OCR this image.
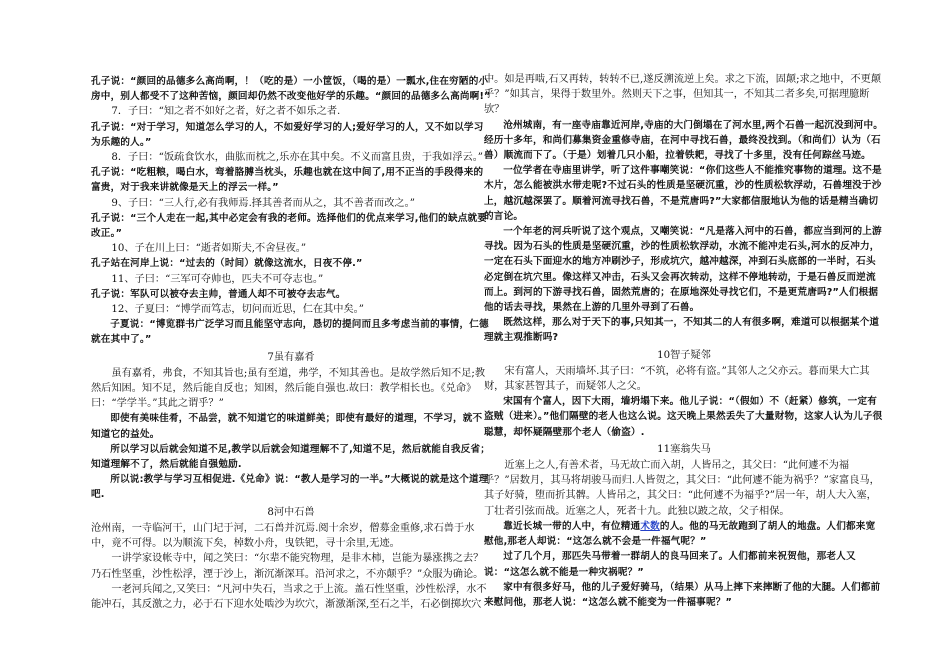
孔子说：“颜回的品德多么高尚啊，！（吃的是）一小筐饭，（喝的是）一瓢水,住在穷陋的小房中，别人都受不了这种苦恼，颜回却仍然不改变他好学的乐趣。“颜回的品德多么高尚啊!”

7．子曰：“知之者不如好之者，好之者不如乐之者.

孔子说：“对于学习，知道怎么学习的人，不如爱好学习的人;爱好学习的人，又不如以学习为乐趣的人。”

8．子曰：“饭疏食饮水，曲肱而枕之,乐亦在其中矣。不义而富且贵，于我如浮云。”

孔子说：“吃粗粮，喝白水，弯着胳膊当枕头，乐趣也就在这中间了,用不正当的手段得来的富贵，对于我来讲就像是天上的浮云一样。”

9、子曰：“三人行,必有我师焉.择其善者而从之，其不善者而改之。”

孔子说：“三个人走在一起,其中必定会有我的老师。选择他们的优点来学习,他们的缺点就要改正。”

10、子在川上曰：“逝者如斯夫,不舍昼夜。”

孔子站在河岸上说：“过去的（时间）就像这流水，日夜不停.”

11、子曰：“三军可夺帅也，匹夫不可夺志也。”

孔子说：军队可以被夺去主帅，普通人却不可被夺去志气。

12、子夏曰：“博学而笃志，切问而近思，仁在其中矣。”

子夏说：“博览群书广泛学习而且能坚守志向，恳切的提问而且多考虑当前的事情，仁德就在其中了。”

7虽有嘉肴

虽有嘉肴，弗食，不知其旨也;虽有至道，弗学，不知其善也。是故学然后知不足;教然后知困。知不足，然后能自反也；知困，然后能自强也.故曰：教学相长也。《兑命》曰：“学学半。”其此之谓乎？”

即使有美味佳肴，不品尝，就不知道它的味道鲜美；即使有最好的道理，不学习，就不知道它的益处。

所以学习以后就会知道不足,教学以后就会知道理解不了,知道不足，然后就能自我反省；知道理解不了，然后就能自强勉励.

所以说:教学与学习互相促进.《兑命》说：“教人是学习的一半。”大概说的就是这个道理吧.

8河中石兽

沧州南，一寺临河干，山门圮于河，二石兽并沉焉.阅十余岁，僧募金重修,求石兽于水中，竟不可得。以为顺流下矣，棹数小舟，曳铁钯，寻十余里,无迹。

一讲学家设帐寺中，闻之笑曰：“尔辈不能究物理，是非木柿，岂能为暴涨携之去？乃石性坚重，沙性松浮，湮于沙上，渐沉渐深耳。沿河求之，不亦颠乎？”众服为确论。

一老河兵闻之,又笑曰：“凡河中失石，当求之于上流。盖石性坚重，沙性松浮，水不能冲石，其反激之力，必于石下迎水处啮沙为坎穴，渐激渐深,至石之半，石必倒掷坎穴

中。如是再啮,石又再转，转转不已,遂反溯流逆上矣。求之下流，固颠;求之地中，不更颠乎？”如其言，果得于数里外。然则天下之事，但知其一，不知其二者多矣,可据理臆断欤？

沧州城南，有一座寺庙靠近河岸,寺庙的大门倒塌在了河水里,两个石兽一起沉没到河中。经历十多年，和尚们募集资金重修寺庙，在河中寻找石兽，最终没找到。（和尚们）认为（石兽）顺流而下了。（于是）划着几只小船，拉着铁耙，寻找了十多里，没有任何踪丝马迹。

一位学者在寺庙里讲学，听了这件事嘲笑说：“你们这些人不能推究事物的道理。这不是木片，怎么能被洪水带走呢?不过石头的性质是坚硬沉重，沙的性质松软浮动，石兽埋没于沙上，越沉越深罢了。顺着河流寻找石兽，不是荒唐吗?”大家都信服地认为他的话是精当确切的言论。

一个年老的河兵听说了这个观点，又嘲笑说：“凡是落入河中的石兽，都应当到河的上游寻找。因为石头的性质是坚硬沉重，沙的性质松软浮动，水流不能冲走石头,河水的反冲力，一定在石头下面迎水的地方冲刷沙子，形成坑穴，越冲越深，冲到石头底部的一半时，石头必定倒在坑穴里。像这样又冲击，石头又会再次转动，这样不停地转动，于是石兽反而逆流而上。到河的下游寻找石兽，固然荒唐的；在原地深处寻找它们，不是更荒唐吗?”人们根据他的话去寻找，果然在上游的几里外寻到了石兽。

既然这样，那么对于天下的事,只知其一，不知其二的人有很多啊，难道可以根据某个道理就主观推断吗?

10智子疑邻

宋有富人，天雨墙坏.其子曰：“不筑，必将有盗。”其邻人之父亦云。暮而果大亡其财，其家甚智其子，而疑邻人之父。

宋国有个富人，因下大雨，墙坍塌下来。他儿子说：“（假如）不（赶紧）修筑，一定有盗贼（进来）。”他们隔壁的老人也这么说。这天晚上果然丢失了大量财物，这家人认为儿子很聪慧，却怀疑隔壁那个老人（偷盗）.

11塞翁失马

近塞上之人,有善术者，马无故亡而入胡，人皆吊之，其父曰：“此何遽不为福乎？”居数月，其马将胡骏马而归.人皆贺之，其父曰：“此何遽不能为祸乎？”家富良马，其子好骑，堕而折其髀。人皆吊之，其父曰：“此何遽不为福乎?”居一年，胡人大入塞，丁壮者引弦而战。近塞之人，死者十九。此独以跛之故，父子相保。

靠近长城一带的人中，有位精通术数的人。他的马无故跑到了胡人的地盘。人们都来宽慰他,那老人却说：“这怎么就不会是一件福气呢？”

过了几个月，那匹失马带着一群胡人的良马回来了。人们都前来祝贺他，那老人又说：“这怎么就不能是一种灾祸呢？”

家中有很多好马，他的儿子爱好骑马，（结果）从马上摔下来摔断了他的大腿。人们都前来慰问他，那老人说：“这怎么就不能变为一件福事呢？”
